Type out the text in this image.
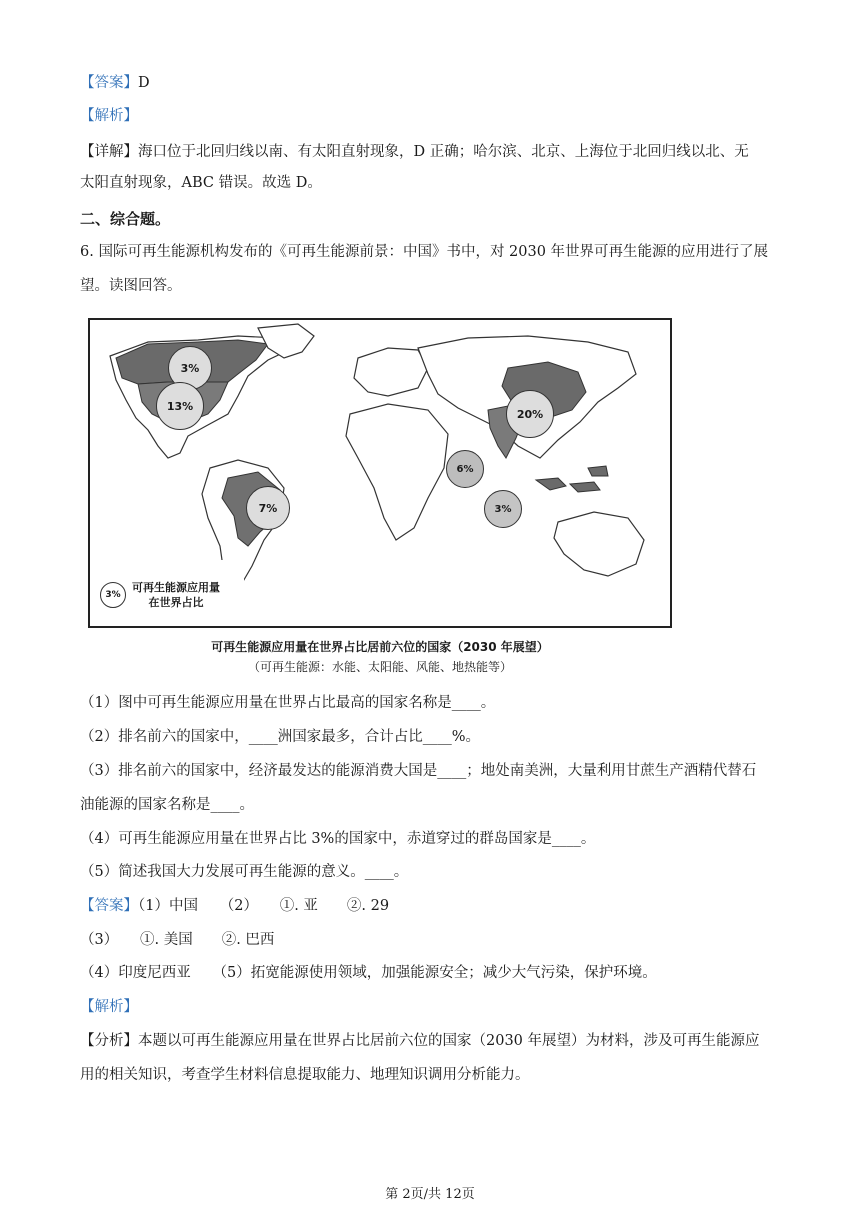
【答案】D
【解析】
【详解】海口位于北回归线以南、有太阳直射现象，D 正确；哈尔滨、北京、上海位于北回归线以北、无
太阳直射现象，ABC 错误。故选 D。
二、综合题。
6. 国际可再生能源机构发布的《可再生能源前景：中国》书中，对 2030 年世界可再生能源的应用进行了展
望。读图回答。
3%
13%
7%
6%
20%
3%
3%
可再生能源应用量
在世界占比
可再生能源应用量在世界占比居前六位的国家（2030 年展望）
（可再生能源：水能、太阳能、风能、地热能等）
（1）图中可再生能源应用量在世界占比最高的国家名称是____。
（2）排名前六的国家中，____洲国家最多，合计占比____%。
（3）排名前六的国家中，经济最发达的能源消费大国是____；地处南美洲，大量利用甘蔗生产酒精代替石
油能源的国家名称是____。
（4）可再生能源应用量在世界占比 3%的国家中，赤道穿过的群岛国家是____。
（5）简述我国大力发展可再生能源的意义。____。
【答案】（1）中国　　（2）　　①. 亚　　②. 29
（3）　　①. 美国　　②. 巴西
（4）印度尼西亚　　（5）拓宽能源使用领域，加强能源安全；减少大气污染，保护环境。
【解析】
【分析】本题以可再生能源应用量在世界占比居前六位的国家（2030 年展望）为材料，涉及可再生能源应
用的相关知识，考查学生材料信息提取能力、地理知识调用分析能力。
第 2页/共 12页
